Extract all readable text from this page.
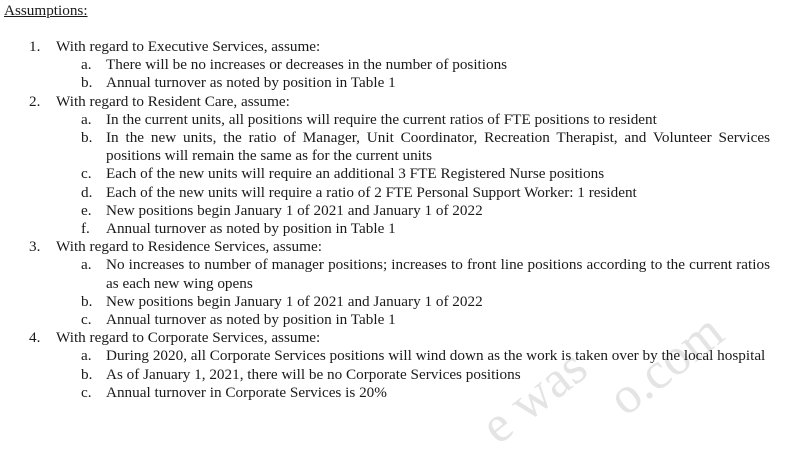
e was o.com
Assumptions:
1. With regard to Executive Services, assume:
a. There will be no increases or decreases in the number of positions
b. Annual turnover as noted by position in Table 1
2. With regard to Resident Care, assume:
a. In the current units, all positions will require the current ratios of FTE positions to resident
b. In the new units, the ratio of Manager, Unit Coordinator, Recreation Therapist, and Volunteer Services positions will remain the same as for the current units
c. Each of the new units will require an additional 3 FTE Registered Nurse positions
d. Each of the new units will require a ratio of 2 FTE Personal Support Worker: 1 resident
e. New positions begin January 1 of 2021 and January 1 of 2022
f. Annual turnover as noted by position in Table 1
3. With regard to Residence Services, assume:
a. No increases to number of manager positions; increases to front line positions according to the current ratios as each new wing opens
b. New positions begin January 1 of 2021 and January 1 of 2022
c. Annual turnover as noted by position in Table 1
4. With regard to Corporate Services, assume:
a. During 2020, all Corporate Services positions will wind down as the work is taken over by the local hospital
b. As of January 1, 2021, there will be no Corporate Services positions
c. Annual turnover in Corporate Services is 20%
